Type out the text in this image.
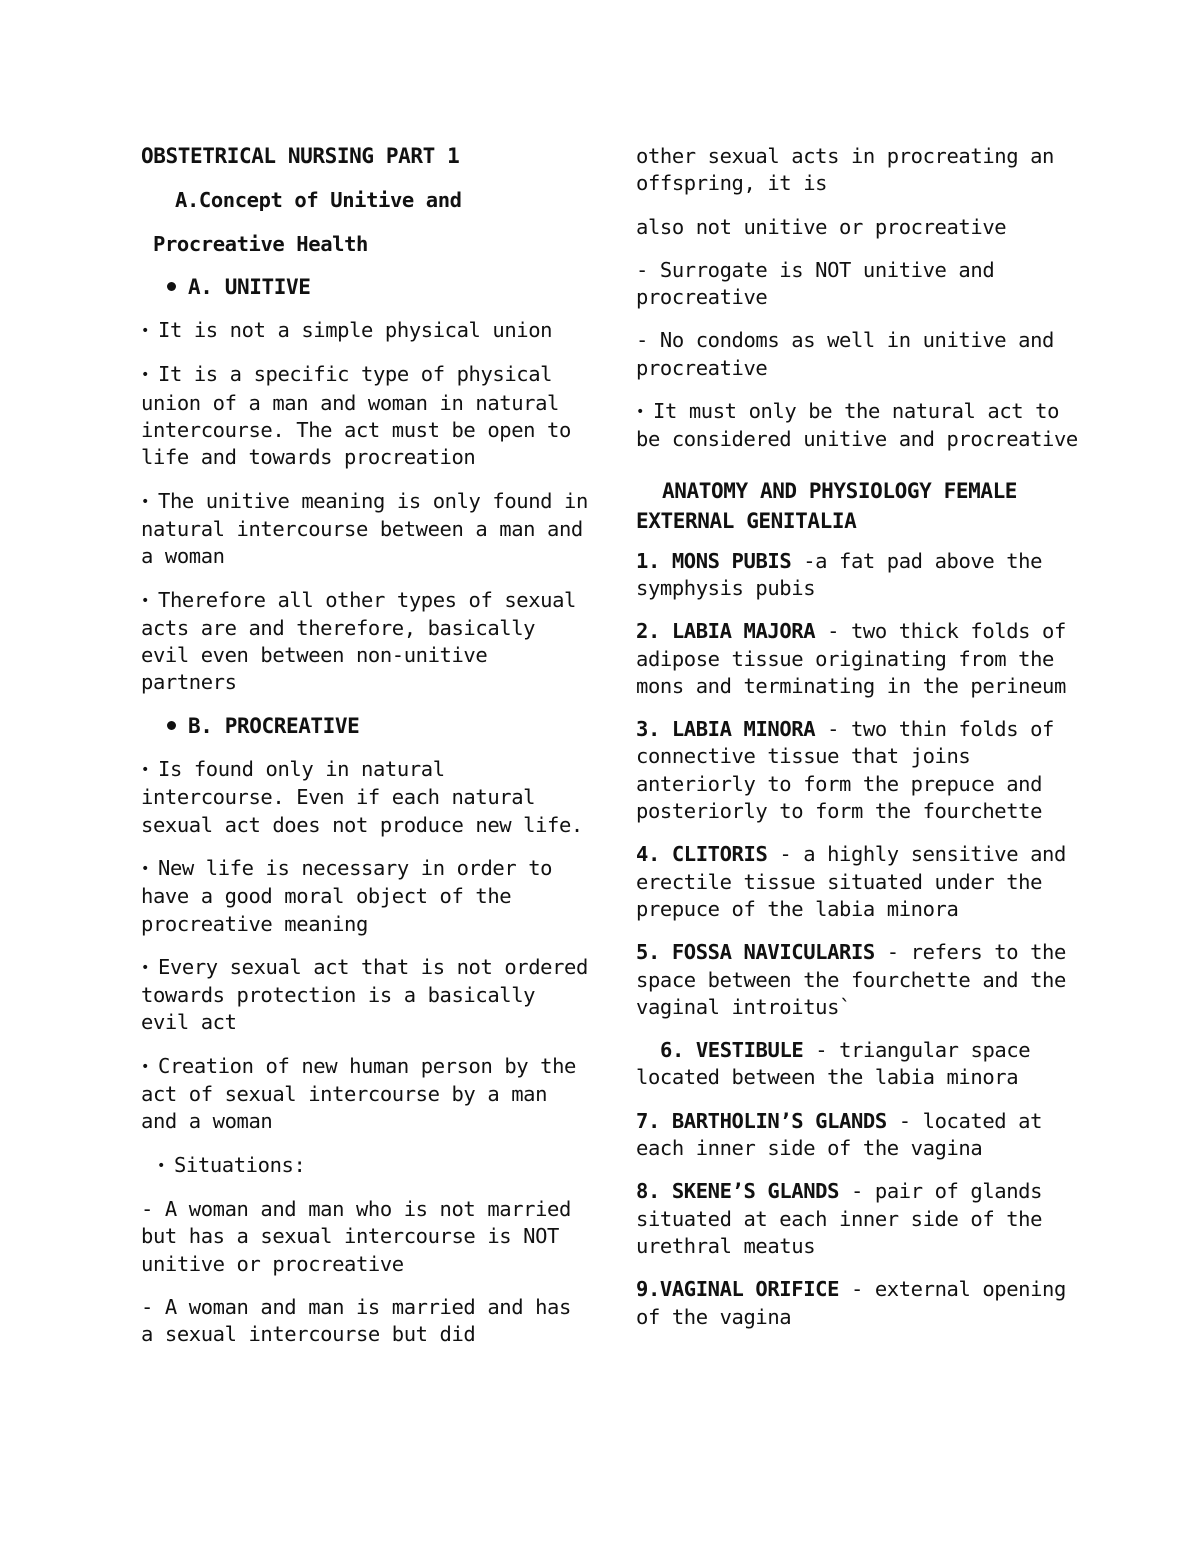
OBSTETRICAL NURSING PART 1

A.Concept of Unitive and

Procreative Health

A. UNITIVE

• It is not a simple physical union

• It is a specific type of physical union of a man and woman in natural intercourse. The act must be open to life and towards procreation

• The unitive meaning is only found in natural intercourse between a man and a woman

• Therefore all other types of sexual acts are and therefore, basically evil even between non-unitive partners

B. PROCREATIVE

• Is found only in natural intercourse. Even if each natural sexual act does not produce new life.

• New life is necessary in order to have a good moral object of the procreative meaning

• Every sexual act that is not ordered towards protection is a basically evil act

• Creation of new human person by the act of sexual intercourse by a man and a woman

• Situations:

- A woman and man who is not married but has a sexual intercourse is NOT unitive or procreative

- A woman and man is married and has a sexual intercourse but did

other sexual acts in procreating an offspring, it is

also not unitive or procreative

- Surrogate is NOT unitive and procreative

- No condoms as well in unitive and procreative

• It must only be the natural act to be considered unitive and procreative

ANATOMY AND PHYSIOLOGY FEMALE
EXTERNAL GENITALIA

1. MONS PUBIS -a fat pad above the symphysis pubis

2. LABIA MAJORA - two thick folds of adipose tissue originating from the mons and terminating in the perineum

3. LABIA MINORA - two thin folds of connective tissue that joins anteriorly to form the prepuce and posteriorly to form the fourchette

4. CLITORIS - a highly sensitive and erectile tissue situated under the prepuce of the labia minora

5. FOSSA NAVICULARIS - refers to the space between the fourchette and the vaginal introitus`

6. VESTIBULE - triangular space located between the labia minora

7. BARTHOLIN’S GLANDS - located at each inner side of the vagina

8. SKENE’S GLANDS - pair of glands situated at each inner side of the urethral meatus

9.VAGINAL ORIFICE - external opening of the vagina
